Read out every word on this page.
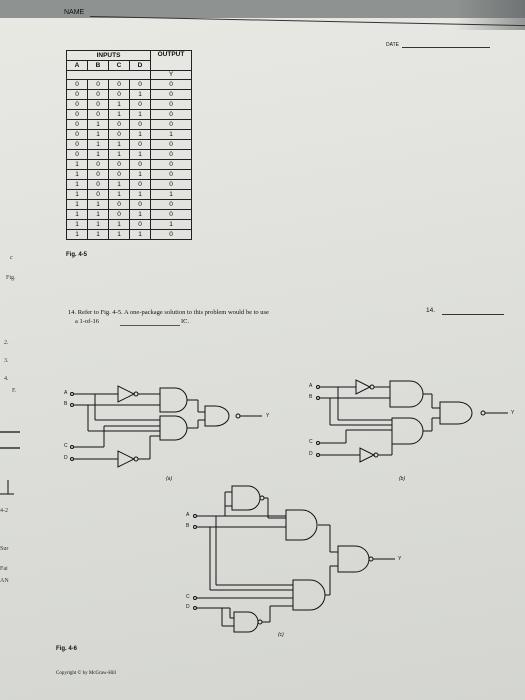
NAME
DATE
INPUTS				OUTPUT
A	B	C	D	
				Y
0	0	0	0	0
0	0	0	1	0
0	0	1	0	0
0	0	1	1	0
0	1	0	0	0
0	1	0	1	1
0	1	1	0	0
0	1	1	1	0
1	0	0	0	0
1	0	0	1	0
1	0	1	0	0
1	0	1	1	1
1	1	0	0	0
1	1	0	1	0
1	1	1	0	1
1	1	1	1	0
Fig. 4-5
14. Refer to Fig. 4-5. A one-package solution to this problem would be to use
a 1-of-16	IC.
14.
A
B
C
D
Y
(a)
A
B
C
D
Y
(b)
A
B
C
D
Y
(c)
Fig. 4-6
Copyright © by McGraw-Hill
Fig.
2.
3.
4.
F.
4-2
Sur
Fai
AN
c
